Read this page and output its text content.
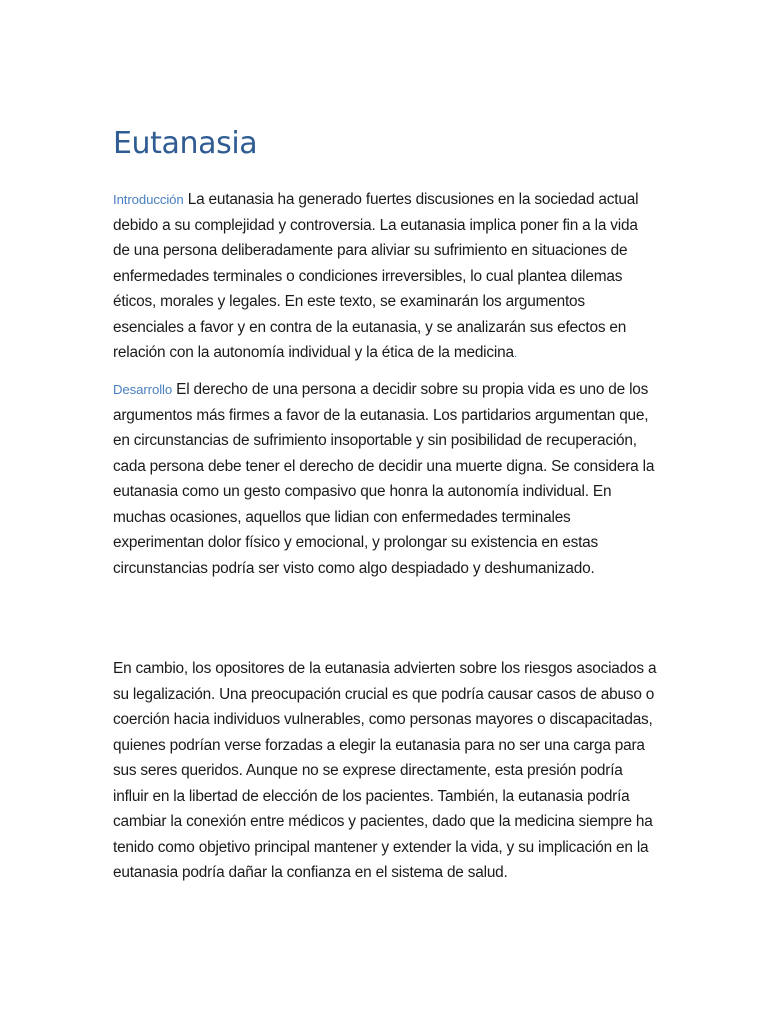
Eutanasia

Introducción La eutanasia ha generado fuertes discusiones en la sociedad actual debido a su complejidad y controversia. La eutanasia implica poner fin a la vida de una persona deliberadamente para aliviar su sufrimiento en situaciones de enfermedades terminales o condiciones irreversibles, lo cual plantea dilemas éticos, morales y legales. En este texto, se examinarán los argumentos esenciales a favor y en contra de la eutanasia, y se analizarán sus efectos en relación con la autonomía individual y la ética de la medicina.

Desarrollo El derecho de una persona a decidir sobre su propia vida es uno de los argumentos más firmes a favor de la eutanasia. Los partidarios argumentan que, en circunstancias de sufrimiento insoportable y sin posibilidad de recuperación, cada persona debe tener el derecho de decidir una muerte digna. Se considera la eutanasia como un gesto compasivo que honra la autonomía individual. En muchas ocasiones, aquellos que lidian con enfermedades terminales experimentan dolor físico y emocional, y prolongar su existencia en estas circunstancias podría ser visto como algo despiadado y deshumanizado.

En cambio, los opositores de la eutanasia advierten sobre los riesgos asociados a su legalización. Una preocupación crucial es que podría causar casos de abuso o coerción hacia individuos vulnerables, como personas mayores o discapacitadas, quienes podrían verse forzadas a elegir la eutanasia para no ser una carga para sus seres queridos. Aunque no se exprese directamente, esta presión podría influir en la libertad de elección de los pacientes. También, la eutanasia podría cambiar la conexión entre médicos y pacientes, dado que la medicina siempre ha tenido como objetivo principal mantener y extender la vida, y su implicación en la eutanasia podría dañar la confianza en el sistema de salud.
